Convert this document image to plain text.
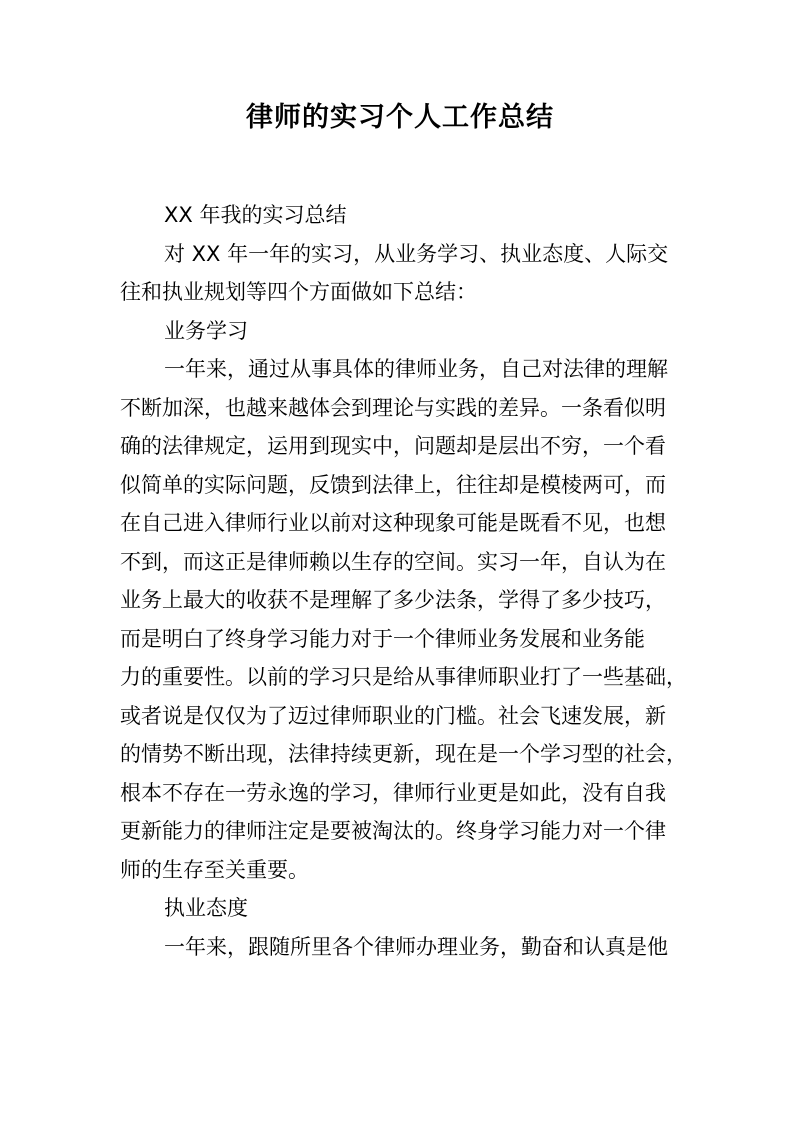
律师的实习个人工作总结
XX 年我的实习总结
对 XX 年一年的实习，从业务学习、执业态度、人际交
往和执业规划等四个方面做如下总结：
业务学习
一年来，通过从事具体的律师业务，自己对法律的理解
不断加深，也越来越体会到理论与实践的差异。一条看似明
确的法律规定，运用到现实中，问题却是层出不穷，一个看
似简单的实际问题，反馈到法律上，往往却是模棱两可，而
在自己进入律师行业以前对这种现象可能是既看不见，也想
不到，而这正是律师赖以生存的空间。实习一年，自认为在
业务上最大的收获不是理解了多少法条，学得了多少技巧，
而是明白了终身学习能力对于一个律师业务发展和业务能
力的重要性。以前的学习只是给从事律师职业打了一些基础，
或者说是仅仅为了迈过律师职业的门槛。社会飞速发展，新
的情势不断出现，法律持续更新，现在是一个学习型的社会，
根本不存在一劳永逸的学习，律师行业更是如此，没有自我
更新能力的律师注定是要被淘汰的。终身学习能力对一个律
师的生存至关重要。
执业态度
一年来，跟随所里各个律师办理业务，勤奋和认真是他
